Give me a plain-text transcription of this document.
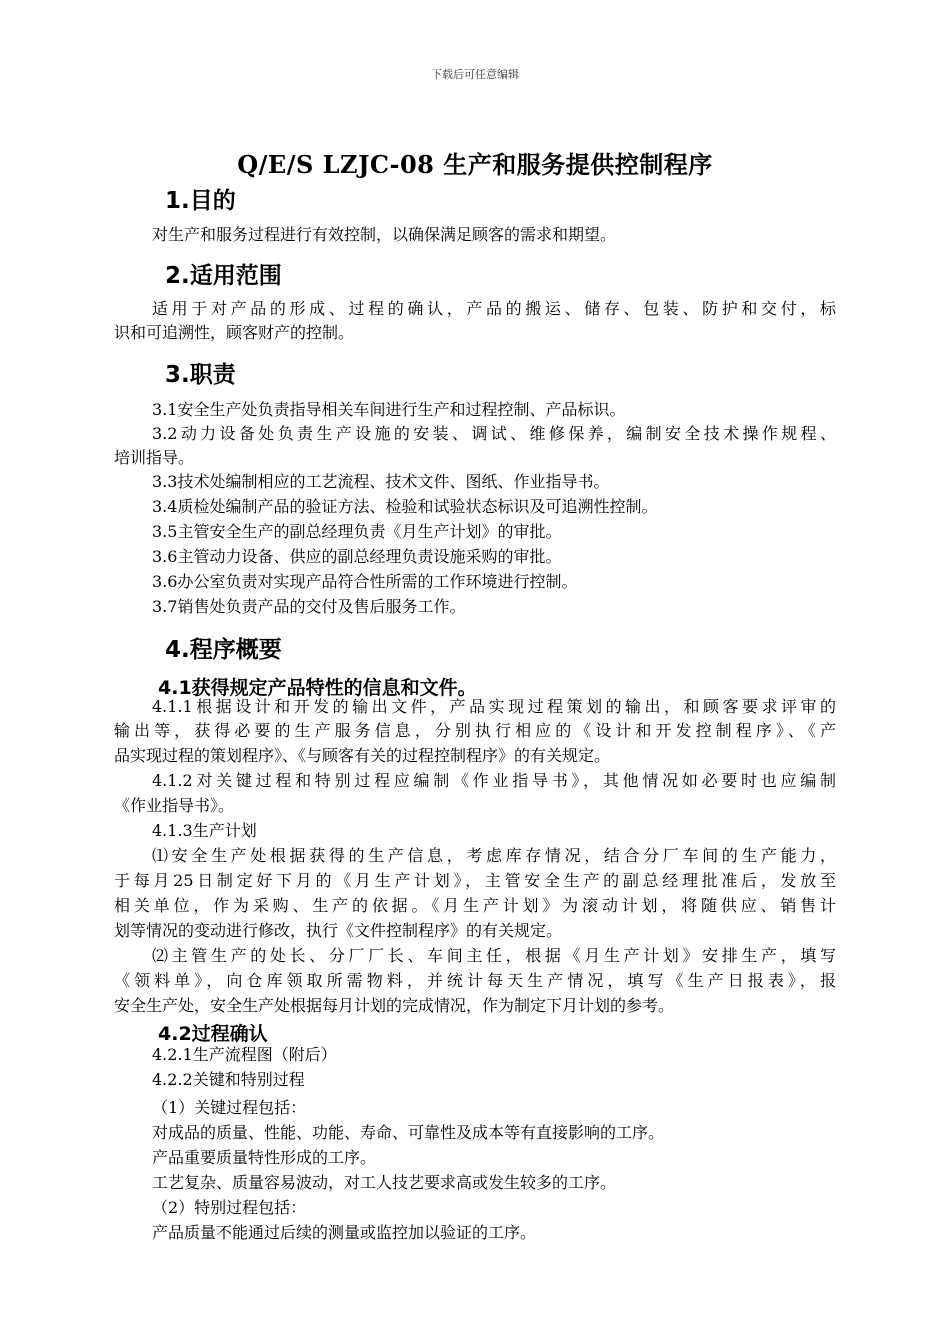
下载后可任意编辑
Q/E/S LZJC-08 生产和服务提供控制程序
1.目的
对生产和服务过程进行有效控制，以确保满足顾客的需求和期望。
2.适用范围
适用于对产品的形成、过程的确认，产品的搬运、储存、包装、防护和交付，标
识和可追溯性，顾客财产的控制。
3.职责
3.1安全生产处负责指导相关车间进行生产和过程控制、产品标识。
3.2动力设备处负责生产设施的安装、调试、维修保养，编制安全技术操作规程、
培训指导。
3.3技术处编制相应的工艺流程、技术文件、图纸、作业指导书。
3.4质检处编制产品的验证方法、检验和试验状态标识及可追溯性控制。
3.5主管安全生产的副总经理负责《月生产计划》的审批。
3.6主管动力设备、供应的副总经理负责设施采购的审批。
3.6办公室负责对实现产品符合性所需的工作环境进行控制。
3.7销售处负责产品的交付及售后服务工作。
4.程序概要
4.1获得规定产品特性的信息和文件。
4.1.1根据设计和开发的输出文件，产品实现过程策划的输出，和顾客要求评审的
输出等，获得必要的生产服务信息，分别执行相应的《设计和开发控制程序》、《产
品实现过程的策划程序》、《与顾客有关的过程控制程序》的有关规定。
4.1.2对关键过程和特别过程应编制《作业指导书》，其他情况如必要时也应编制
《作业指导书》。
4.1.3生产计划
⑴安全生产处根据获得的生产信息，考虑库存情况，结合分厂车间的生产能力，
于每月25日制定好下月的《月生产计划》，主管安全生产的副总经理批准后，发放至
相关单位，作为采购、生产的依据。《月生产计划》为滚动计划，将随供应、销售计
划等情况的变动进行修改，执行《文件控制程序》的有关规定。
⑵主管生产的处长、分厂厂长、车间主任，根据《月生产计划》安排生产，填写
《领料单》，向仓库领取所需物料，并统计每天生产情况，填写《生产日报表》，报
安全生产处，安全生产处根据每月计划的完成情况，作为制定下月计划的参考。
4.2过程确认
4.2.1生产流程图（附后）
4.2.2关键和特别过程
（1）关键过程包括：
对成品的质量、性能、功能、寿命、可靠性及成本等有直接影响的工序。
产品重要质量特性形成的工序。
工艺复杂、质量容易波动，对工人技艺要求高或发生较多的工序。
（2）特别过程包括：
产品质量不能通过后续的测量或监控加以验证的工序。
